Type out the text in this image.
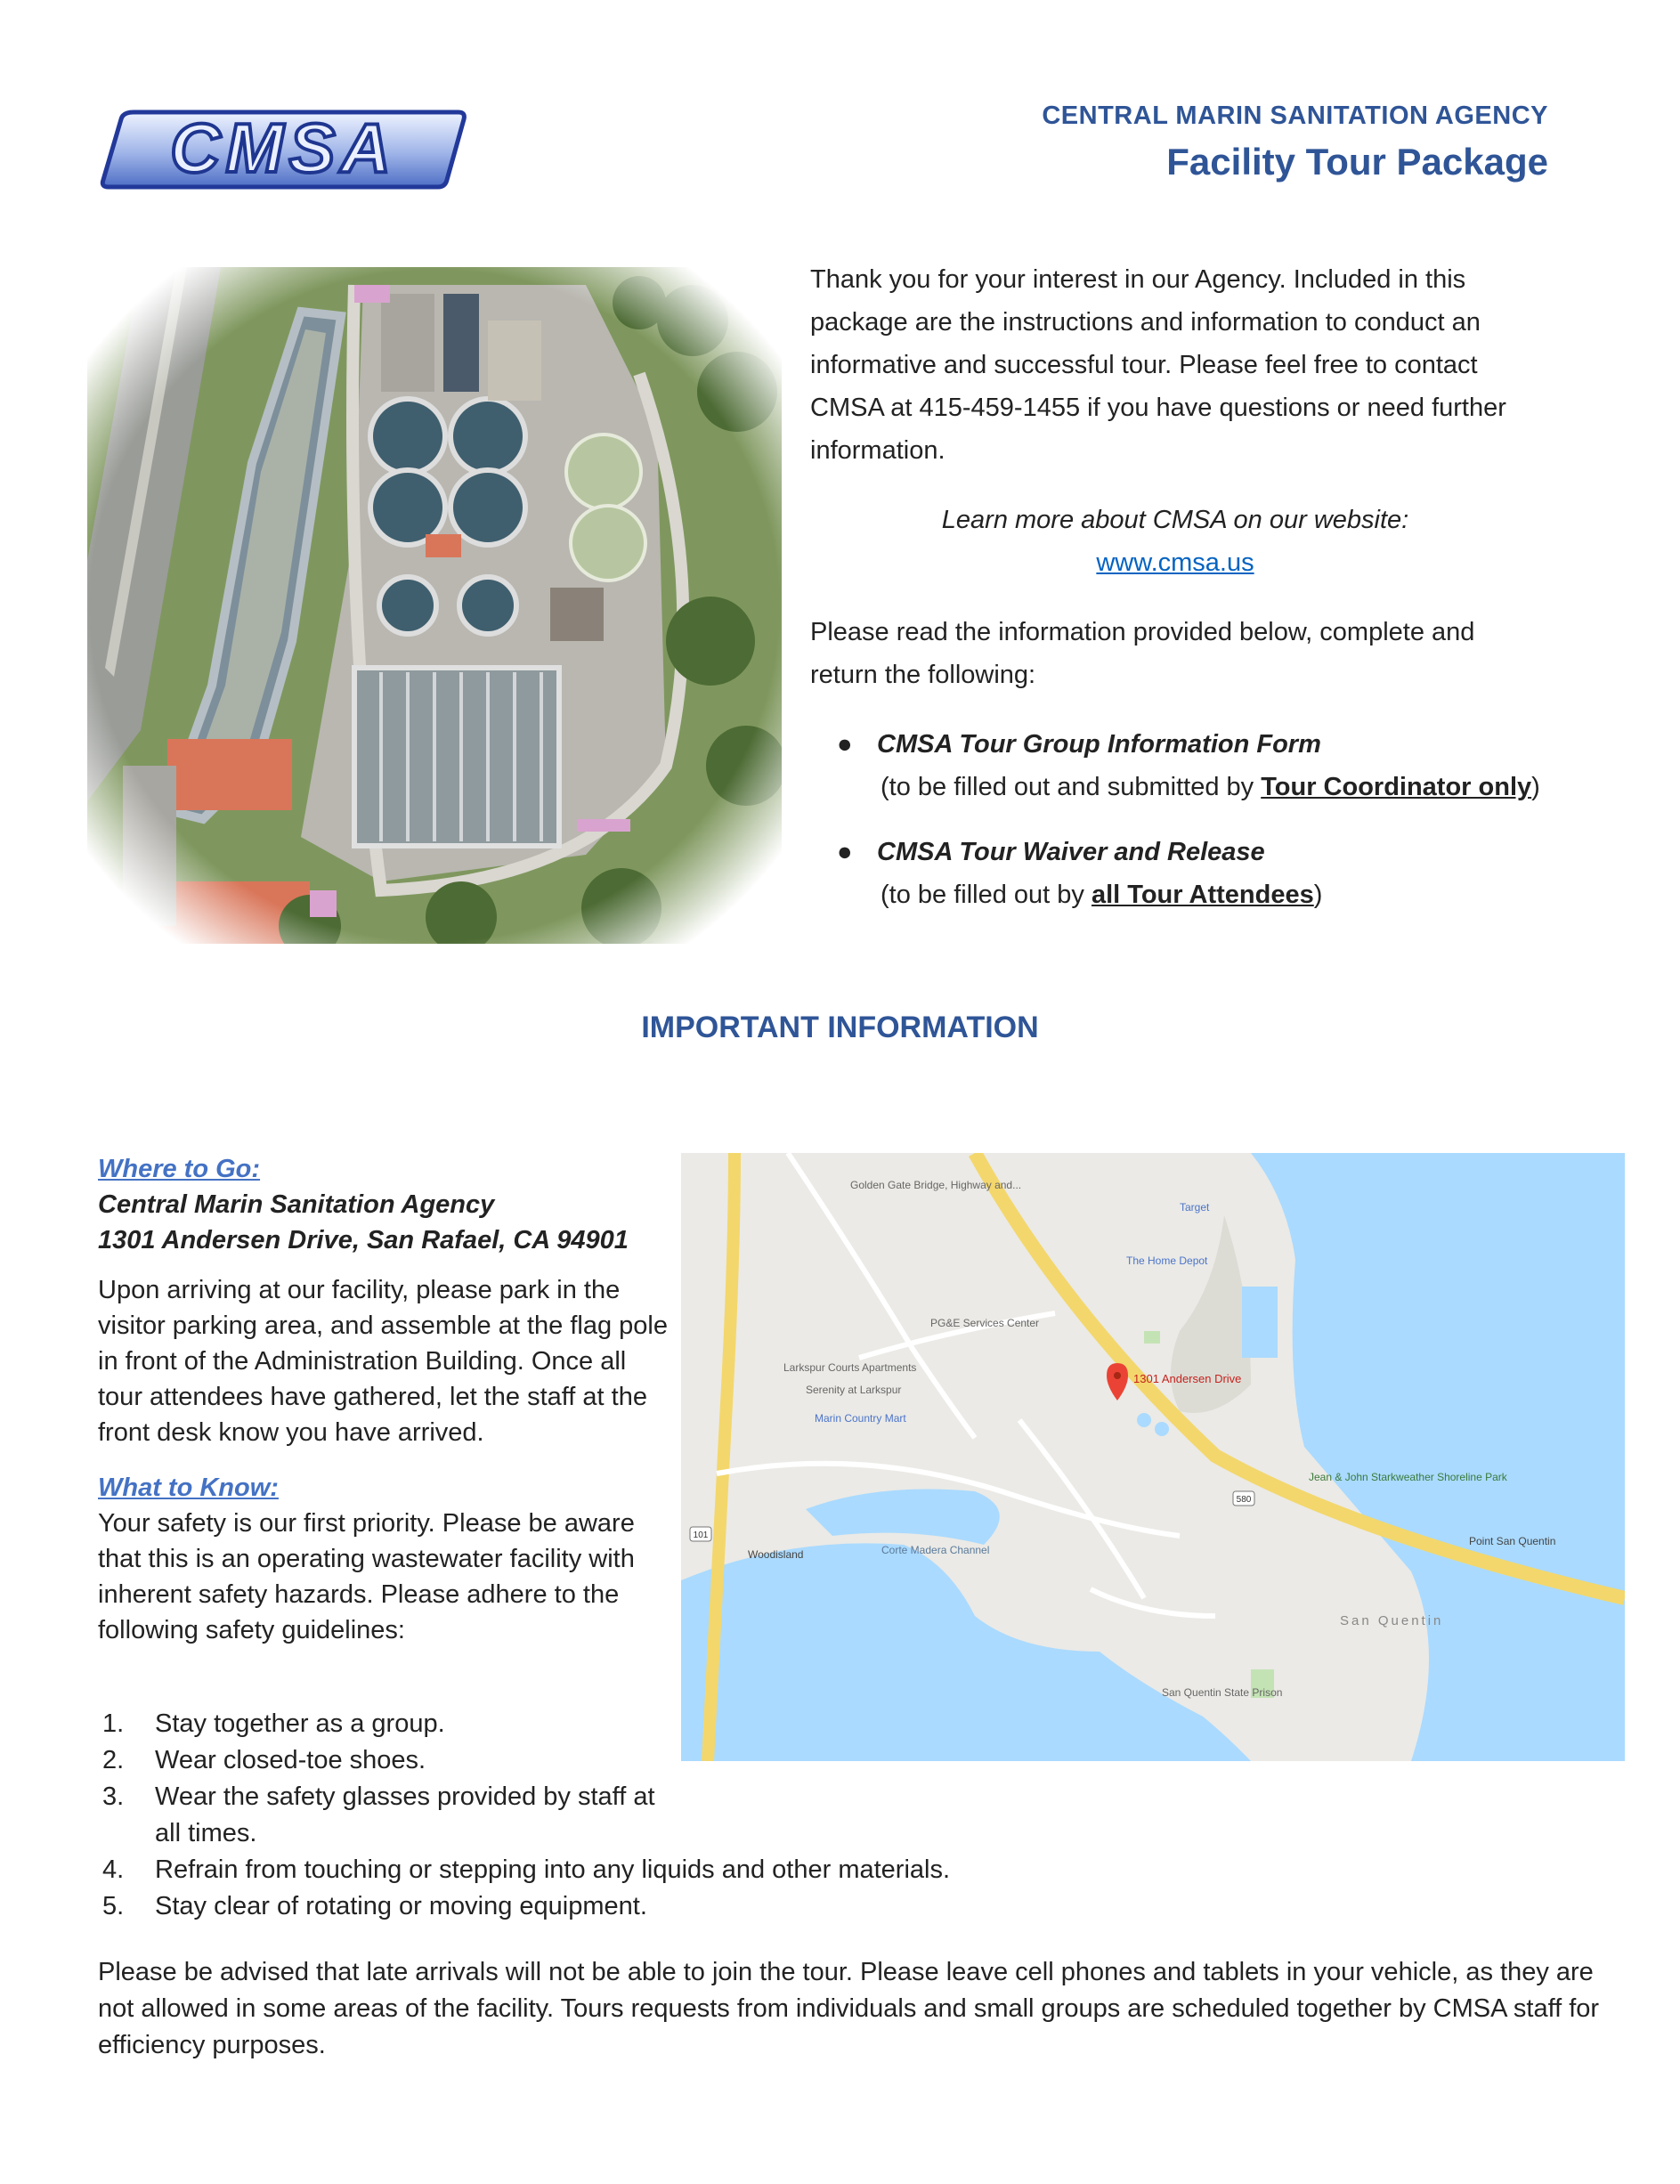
CMSA	CENTRAL MARIN SANITATION AGENCY
Facility Tour Package

Thank you for your interest in our Agency. Included in this package are the instructions and information to conduct an informative and successful tour. Please feel free to contact CMSA at 415-459-1455 if you have questions or need further information.

Learn more about CMSA on our website:

www.cmsa.us

Please read the information provided below, complete and return the following:

● CMSA Tour Group Information Form
(to be filled out and submitted by Tour Coordinator only)
● CMSA Tour Waiver and Release
(to be filled out by all Tour Attendees)
IMPORTANT INFORMATION

Where to Go:

Central Marin Sanitation Agency

1301 Andersen Drive, San Rafael, CA 94901

Upon arriving at our facility, please park in the visitor parking area, and assemble at the flag pole in front of the Administration Building. Once all tour attendees have gathered, let the staff at the front desk know you have arrived.

What to Know:

Your safety is our first priority. Please be aware that this is an operating wastewater facility with inherent safety hazards. Please adhere to the following safety guidelines:

1301 Andersen Drive
Target
The Home Depot
PG&E Services Center
Marin Country Mart
Serenity at Larkspur
Larkspur Courts Apartments
Golden Gate Bridge, Highway and...
Jean & John Starkweather Shoreline Park
Point San Quentin
San Quentin
San Quentin State Prison
Woodisland	Corte Madera Channel
101
580
1. Stay together as a group.
2. Wear closed-toe shoes.
3. Wear the safety glasses provided by staff at all times.
4. Refrain from touching or stepping into any liquids and other materials.
5. Stay clear of rotating or moving equipment.

Please be advised that late arrivals will not be able to join the tour. Please leave cell phones and tablets in your vehicle, as they are not allowed in some areas of the facility. Tours requests from individuals and small groups are scheduled together by CMSA staff for efficiency purposes.
